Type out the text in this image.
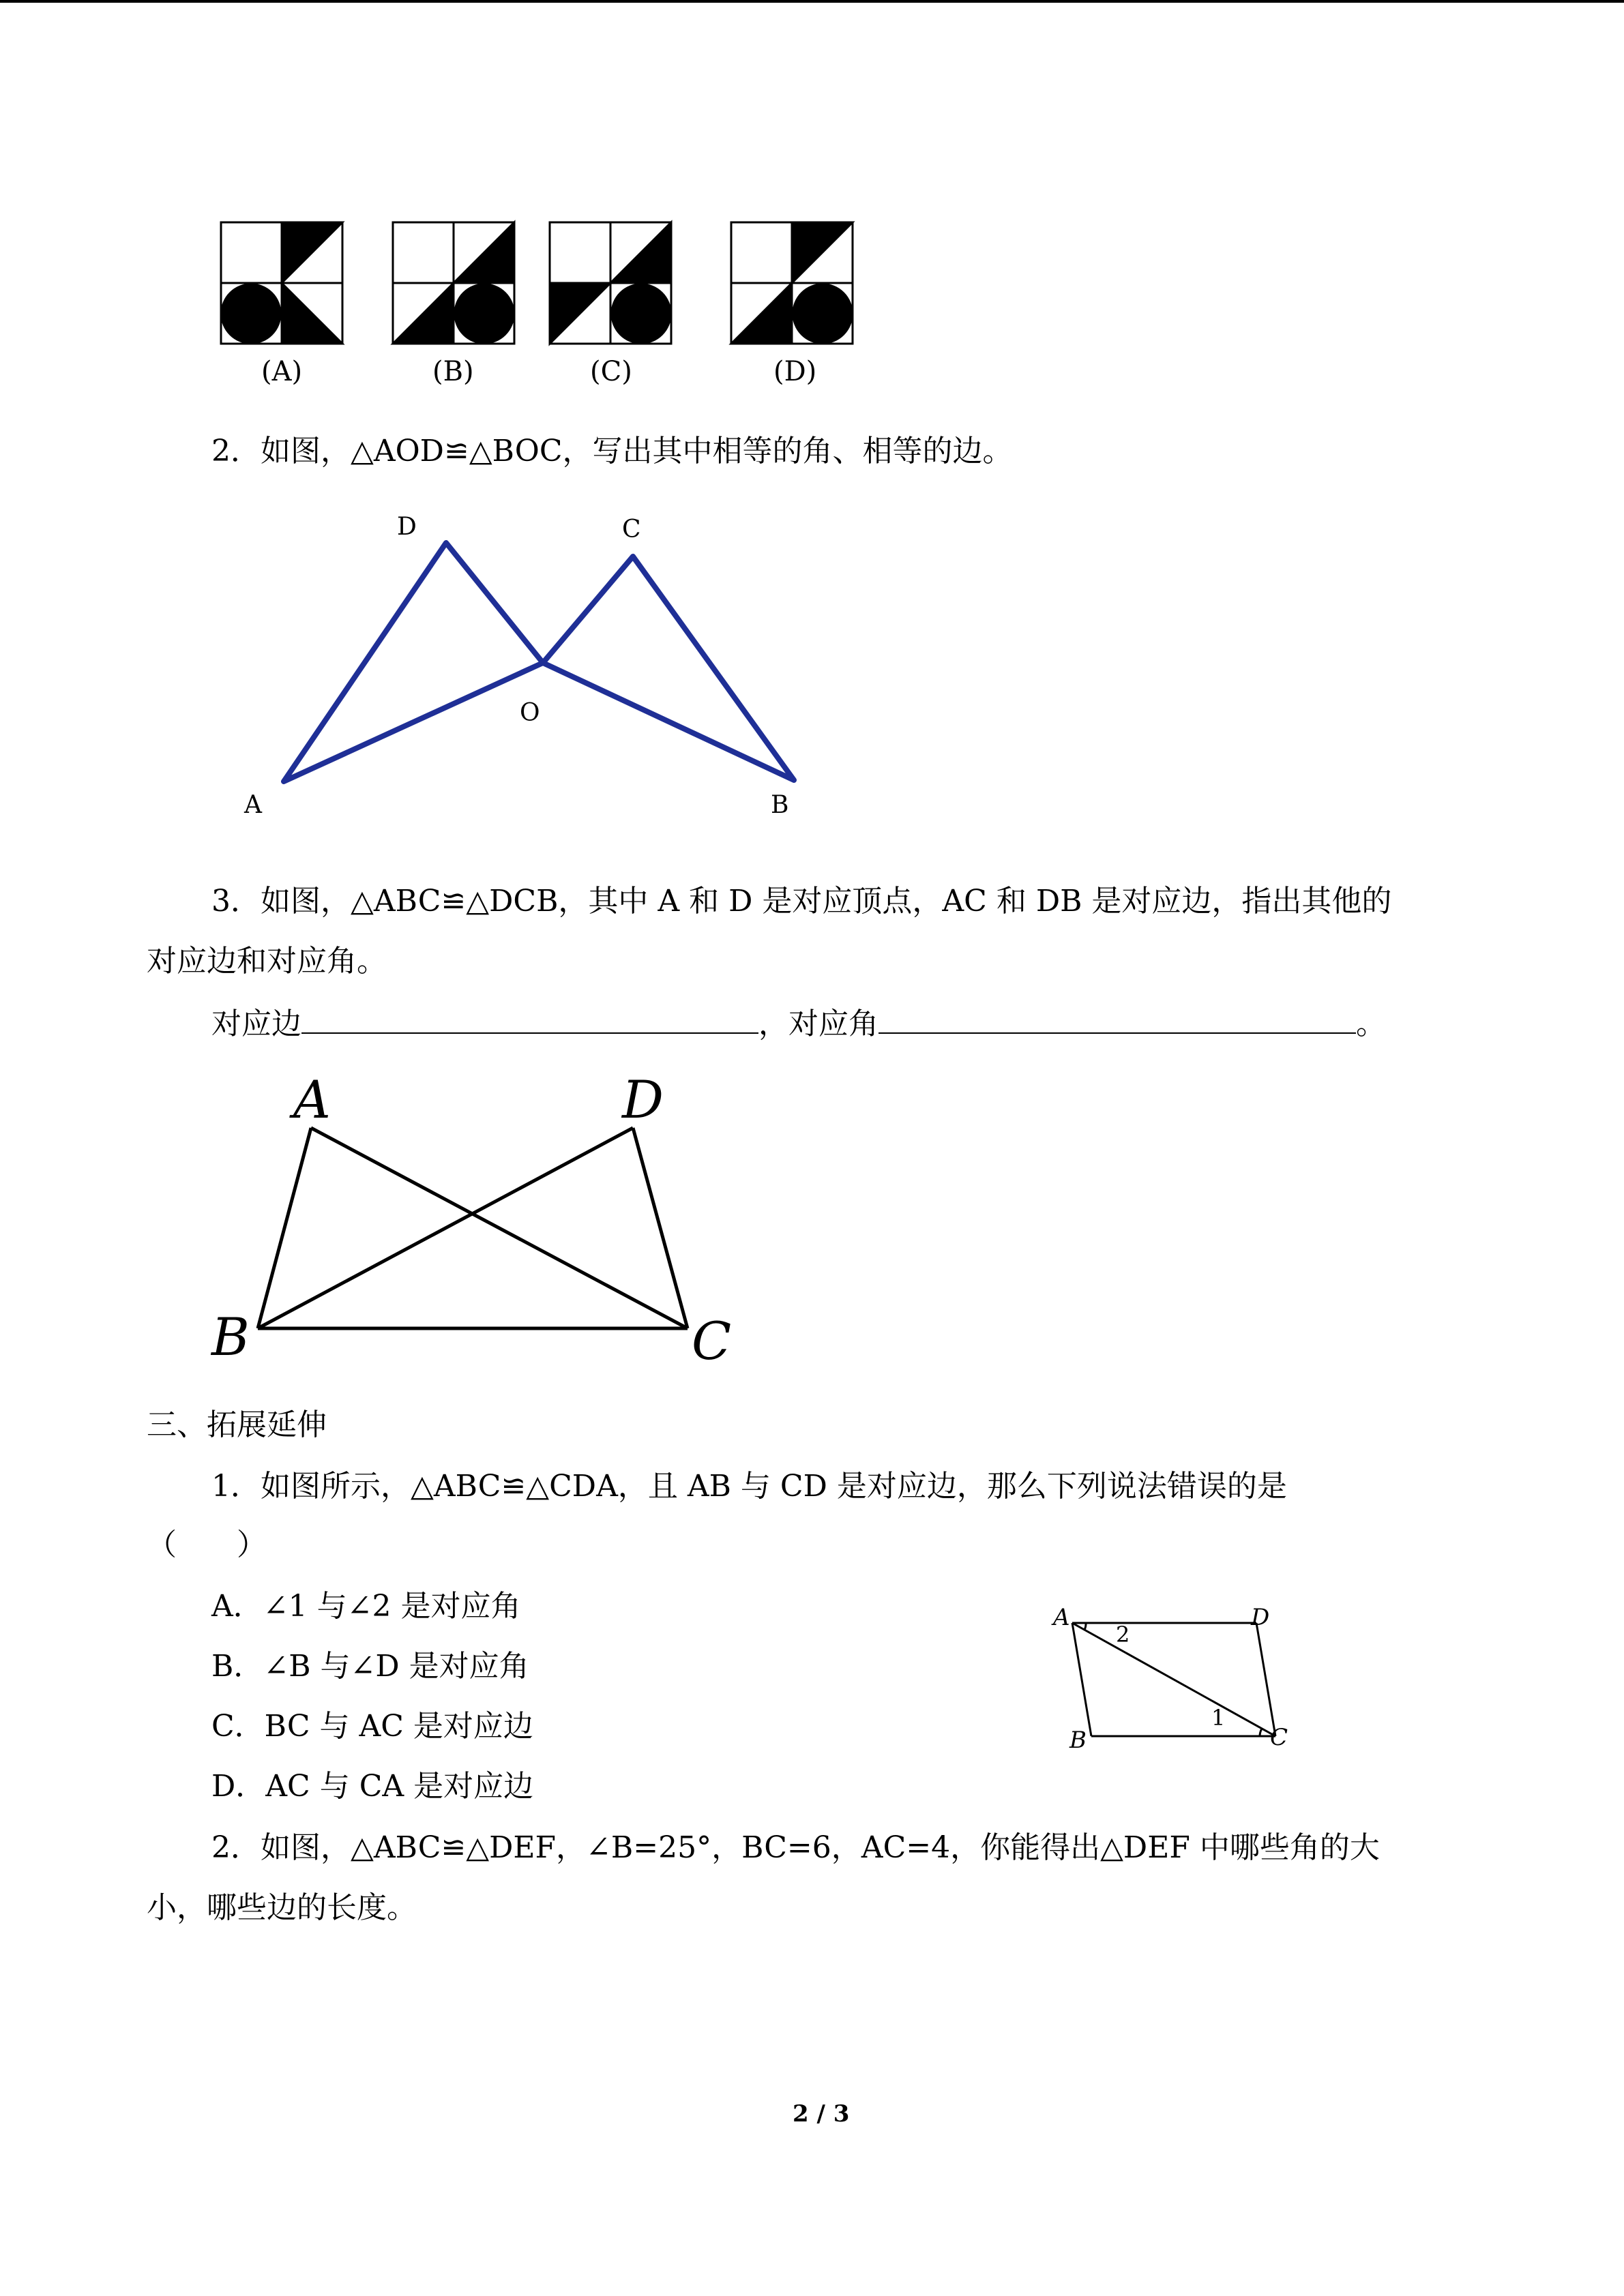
(A)	(B)	(C)	(D)
2．如图，△AOD≌△BOC，写出其中相等的角、相等的边。
D	C
O
A	B
3．如图，△ABC≌△DCB，其中 A 和 D 是对应顶点，AC 和 DB 是对应边，指出其他的
对应边和对应角。
对应边	，对应角	。
A	D
B	C
三、拓展延伸
1．如图所示，△ABC≌△CDA，且 AB 与 CD 是对应边，那么下列说法错误的是
（　　）
A．∠1 与∠2 是对应角
B．∠B 与∠D 是对应角
C．BC 与 AC 是对应边
D．AC 与 CA 是对应边
A	D
B	C
2
1
2．如图，△ABC≌△DEF，∠B=25°，BC=6，AC=4，你能得出△DEF 中哪些角的大
小，哪些边的长度。
2 / 3
